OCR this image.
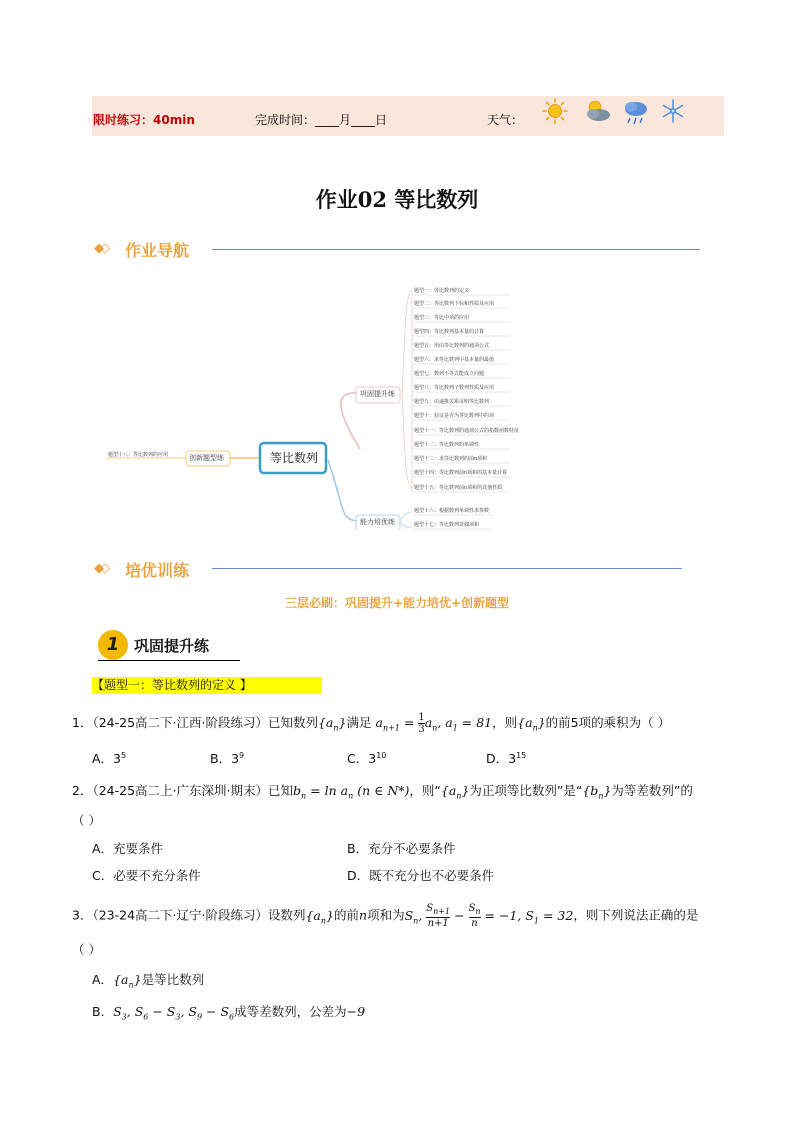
限时练习：40min	完成时间：____月____日	天气：
作业02 等比数列
◆◇ 作业导航
等比数列
巩固提升练
能力培优练
创新题型练
题型一：等比数列的定义
题型二：等比数列下标和性质及应用
题型三：等比中项的应用
题型四：等比数列基本量的计算
题型五：用由等比数列的通项公式
题型六：求等比数列中基本量的最值
题型七：数列不等式能成立问题
题型八：等比数列子数列性质及应用
题型九：由递推关系证明等比数列
题型十：验证是否为等比数列中的项
题型十一：等比数列的通项公式的指数函数特征
题型十二：等比数列的单调性
题型十三：求等比数列的前n项和
题型十四：等比数列前n项和的基本量计算
题型十五：等比数列前n项和的其他性质
题型十六：根据数列单调性求参数
题型十七：等比数列奇偶项和
题型十八：等比数列的应用
◆◇ 培优训练
三层必刷：巩固提升+能力培优+创新题型
1 巩固提升练
【题型一：等比数列的定义 】
1．（24-25高二下·江西·阶段练习）已知数列$\{a_n\}$满足 $a_{n+1} = \frac{1}{3} a_n$, $a_1 = 81$，则$\{a_n\}$的前5项的乘积为（ ）
A．$3^5$	B．$3^9$	C．$3^{10}$	D．$3^{15}$
2．（24-25高二上·广东深圳·期末）已知$b_n = \ln a_n$ (n ∈ N*)，则“$\{a_n\}$为正项等比数列”是“$\{b_n\}$为等差数列”的
（ ）
A．充要条件	B．充分不必要条件
C．必要不充分条件	D．既不充分也不必要条件
3．（23-24高二下·辽宁·阶段练习）设数列$\{a_n\}$的前n项和为$S_n$, $\frac{S_{n+1}}{n+1} - \frac{S_n}{n} = -1$, $S_1 = 32$，则下列说法正确的是
（ ）
A．$\{a_n\}$是等比数列
B．$S_3$, $S_6 - S_3$, $S_9 - S_6$成等差数列，公差为−9
